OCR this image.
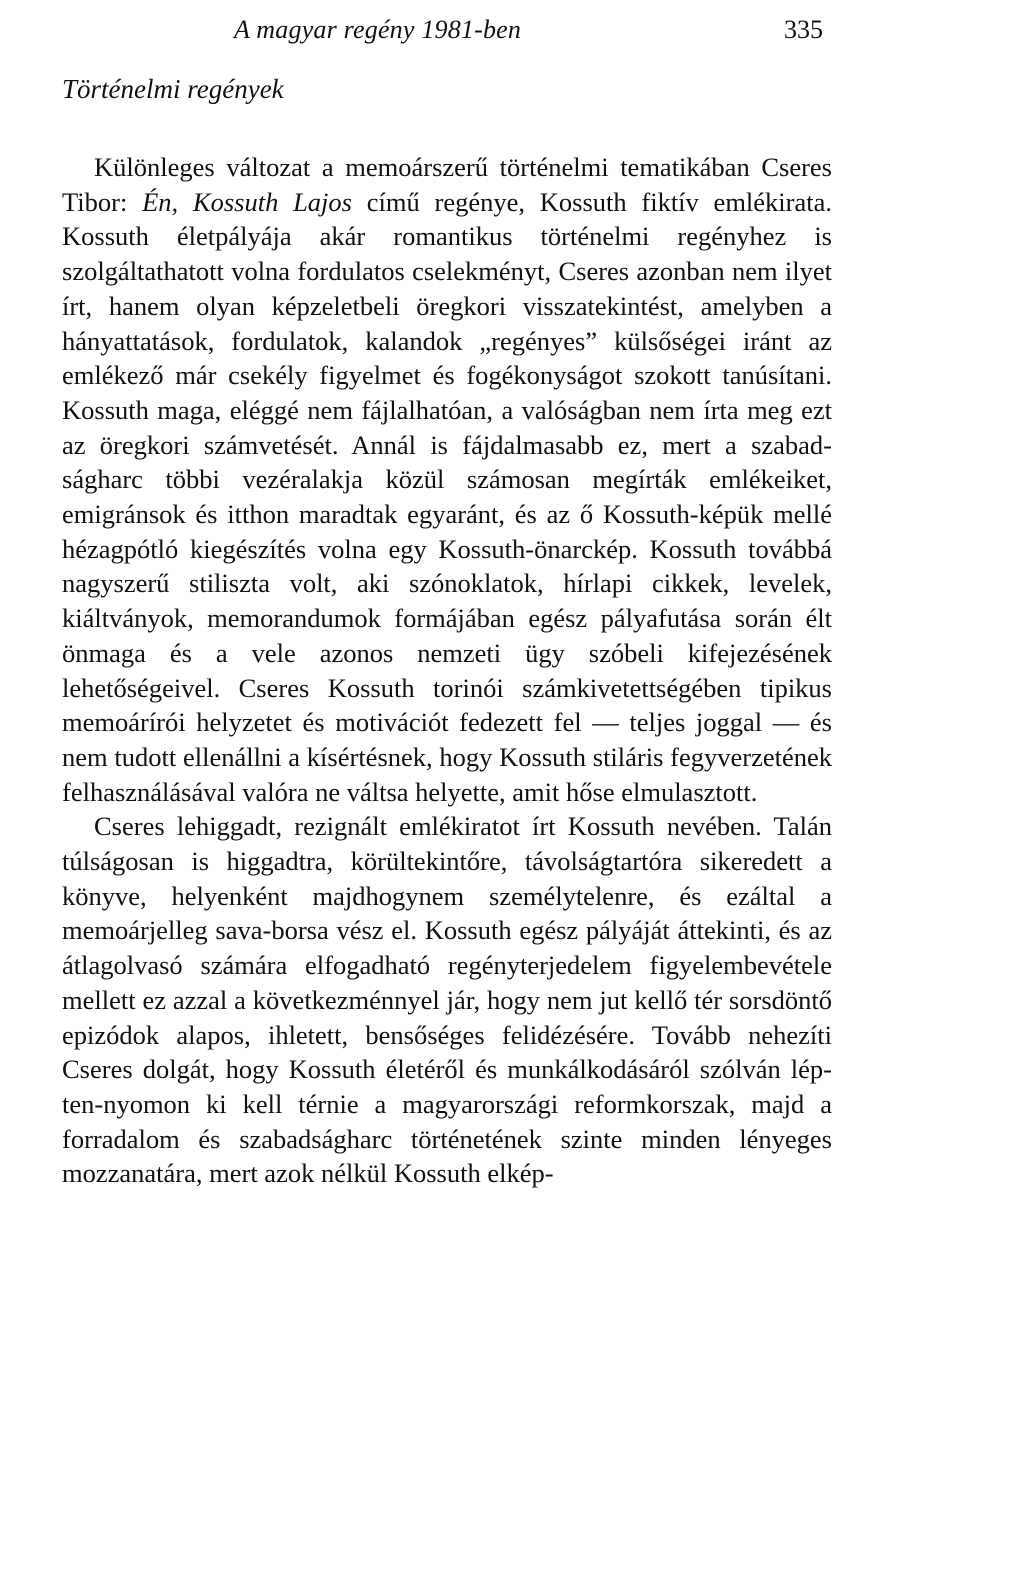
A magyar regény 1981-ben	335
Történelmi regények

Különleges változat a memoárszerű történelmi tematikában Cseres Tibor: Én, Kossuth Lajos című regénye, Kossuth fiktív emlékirata. Kossuth életpályája akár romantikus történelmi regényhez is szolgáltathatott volna fordulatos cselekményt, Cseres azonban nem ilyet írt, hanem olyan képzeletbeli öregkori visszatekintést, amelyben a hányattatások, fordulatok, kalandok „regényes” külsőségei iránt az emlékező már csekély figyelmet és fogékonyságot szokott tanúsítani. Kossuth maga, eléggé nem fájlalhatóan, a valóságban nem írta meg ezt az öregkori számvetését. Annál is fájdalmasabb ez, mert a szabadságharc többi vezéralakja közül számosan megírták emlékeiket, emigránsok és itthon maradtak egyaránt, és az ő Kossuth-képük mellé hézagpótló kiegészítés volna egy Kossuth-önarckép. Kossuth továbbá nagyszerű stiliszta volt, aki szónoklatok, hírlapi cikkek, levelek, kiáltványok, memorandumok formájában egész pályafutása során élt önmaga és a vele azonos nemzeti ügy szóbeli kifejezésének lehetőségeivel. Cseres Kossuth torinói számkivetettségében tipikus memoárírói helyzetet és motivációt fedezett fel — teljes joggal — és nem tudott ellenállni a kísértésnek, hogy Kossuth stiláris fegyverzetének felhasználásával valóra ne váltsa helyette, amit hőse elmulasztott.

Cseres lehiggadt, rezignált emlékiratot írt Kossuth nevében. Talán túlságosan is higgadtra, körültekintőre, távolságtartóra sikeredett a könyve, helyenként majdhogynem személytelenre, és ezáltal a memoárjelleg sava-borsa vész el. Kossuth egész pályáját áttekinti, és az átlagolvasó számára elfogadható regényterjedelem figyelembevétele mellett ez azzal a következménnyel jár, hogy nem jut kellő tér sorsdöntő epizódok alapos, ihletett, bensőséges felidézésére. Tovább nehezíti Cseres dolgát, hogy Kossuth életéről és munkálkodásáról szólván lépten-nyomon ki kell térnie a magyarországi reformkorszak, majd a forradalom és szabadságharc történetének szinte minden lényeges mozzanatára, mert azok nélkül Kossuth elkép-
